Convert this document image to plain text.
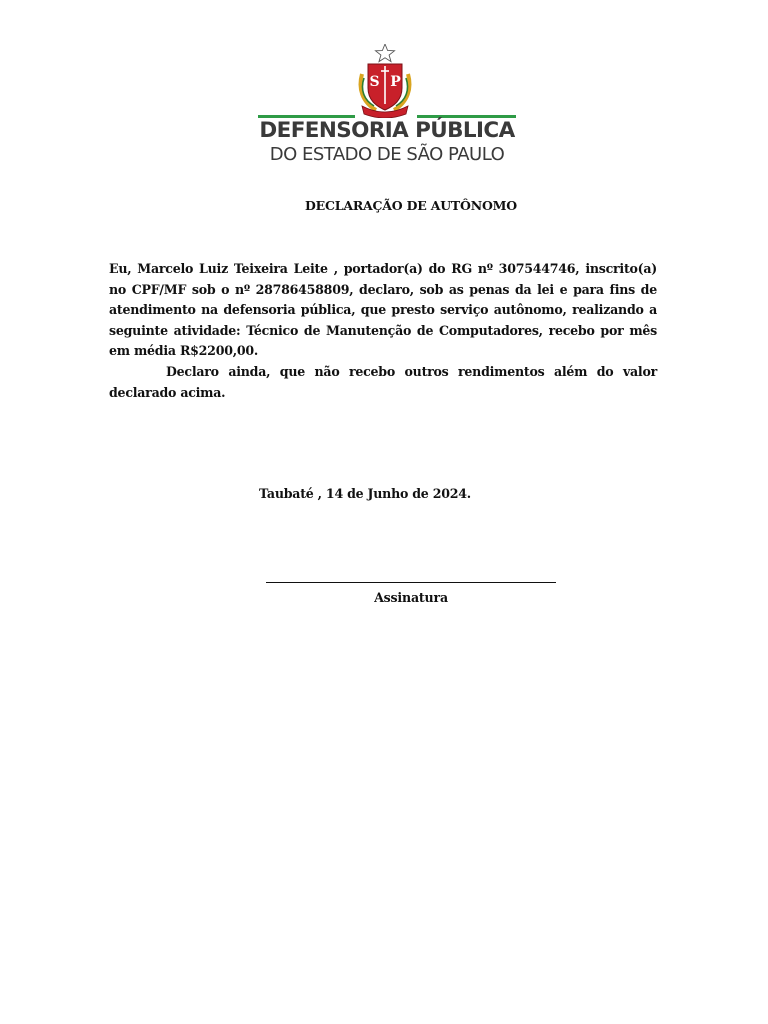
S P
DEFENSORIA PÚBLICA
DO ESTADO DE SÃO PAULO
DECLARAÇÃO DE AUTÔNOMO
Eu, Marcelo Luiz Teixeira Leite , portador(a) do RG nº 307544746, inscrito(a) no CPF/MF sob o nº 28786458809, declaro, sob as penas da lei e para fins de atendimento na defensoria pública, que presto serviço autônomo, realizando a seguinte atividade: Técnico de Manutenção de Computadores, recebo por mês em média R$2200,00.
Declaro ainda, que não recebo outros rendimentos além do valor declarado acima.
Taubaté , 14 de Junho de 2024.
Assinatura
